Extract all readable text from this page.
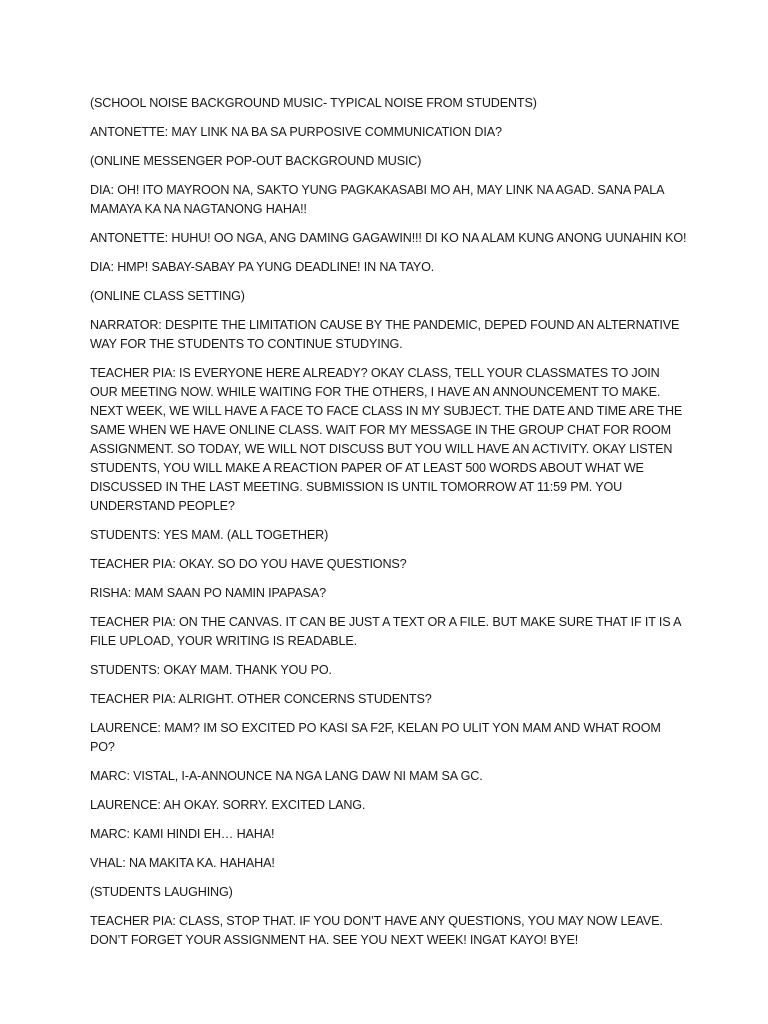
(SCHOOL NOISE BACKGROUND MUSIC- TYPICAL NOISE FROM STUDENTS)

ANTONETTE: MAY LINK NA BA SA PURPOSIVE COMMUNICATION DIA?

(ONLINE MESSENGER POP-OUT BACKGROUND MUSIC)

DIA: OH! ITO MAYROON NA, SAKTO YUNG PAGKAKASABI MO AH, MAY LINK NA AGAD. SANA PALA MAMAYA KA NA NAGTANONG HAHA!!

ANTONETTE: HUHU! OO NGA, ANG DAMING GAGAWIN!!! DI KO NA ALAM KUNG ANONG UUNAHIN KO!

DIA: HMP! SABAY-SABAY PA YUNG DEADLINE! IN NA TAYO.

(ONLINE CLASS SETTING)

NARRATOR: DESPITE THE LIMITATION CAUSE BY THE PANDEMIC, DEPED FOUND AN ALTERNATIVE WAY FOR THE STUDENTS TO CONTINUE STUDYING.

TEACHER PIA: IS EVERYONE HERE ALREADY? OKAY CLASS, TELL YOUR CLASSMATES TO JOIN OUR MEETING NOW. WHILE WAITING FOR THE OTHERS, I HAVE AN ANNOUNCEMENT TO MAKE. NEXT WEEK, WE WILL HAVE A FACE TO FACE CLASS IN MY SUBJECT. THE DATE AND TIME ARE THE SAME WHEN WE HAVE ONLINE CLASS. WAIT FOR MY MESSAGE IN THE GROUP CHAT FOR ROOM ASSIGNMENT. SO TODAY, WE WILL NOT DISCUSS BUT YOU WILL HAVE AN ACTIVITY. OKAY LISTEN STUDENTS, YOU WILL MAKE A REACTION PAPER OF AT LEAST 500 WORDS ABOUT WHAT WE DISCUSSED IN THE LAST MEETING. SUBMISSION IS UNTIL TOMORROW AT 11:59 PM. YOU UNDERSTAND PEOPLE?

STUDENTS: YES MAM. (ALL TOGETHER)

TEACHER PIA: OKAY. SO DO YOU HAVE QUESTIONS?

RISHA: MAM SAAN PO NAMIN IPAPASA?

TEACHER PIA: ON THE CANVAS. IT CAN BE JUST A TEXT OR A FILE. BUT MAKE SURE THAT IF IT IS A FILE UPLOAD, YOUR WRITING IS READABLE.

STUDENTS: OKAY MAM. THANK YOU PO.

TEACHER PIA: ALRIGHT. OTHER CONCERNS STUDENTS?

LAURENCE: MAM? IM SO EXCITED PO KASI SA F2F, KELAN PO ULIT YON MAM AND WHAT ROOM PO?

MARC: VISTAL, I-A-ANNOUNCE NA NGA LANG DAW NI MAM SA GC.

LAURENCE: AH OKAY. SORRY. EXCITED LANG.

MARC: KAMI HINDI EH… HAHA!

VHAL: NA MAKITA KA. HAHAHA!

(STUDENTS LAUGHING)

TEACHER PIA: CLASS, STOP THAT. IF YOU DON’T HAVE ANY QUESTIONS, YOU MAY NOW LEAVE. DON’T FORGET YOUR ASSIGNMENT HA. SEE YOU NEXT WEEK! INGAT KAYO! BYE!
